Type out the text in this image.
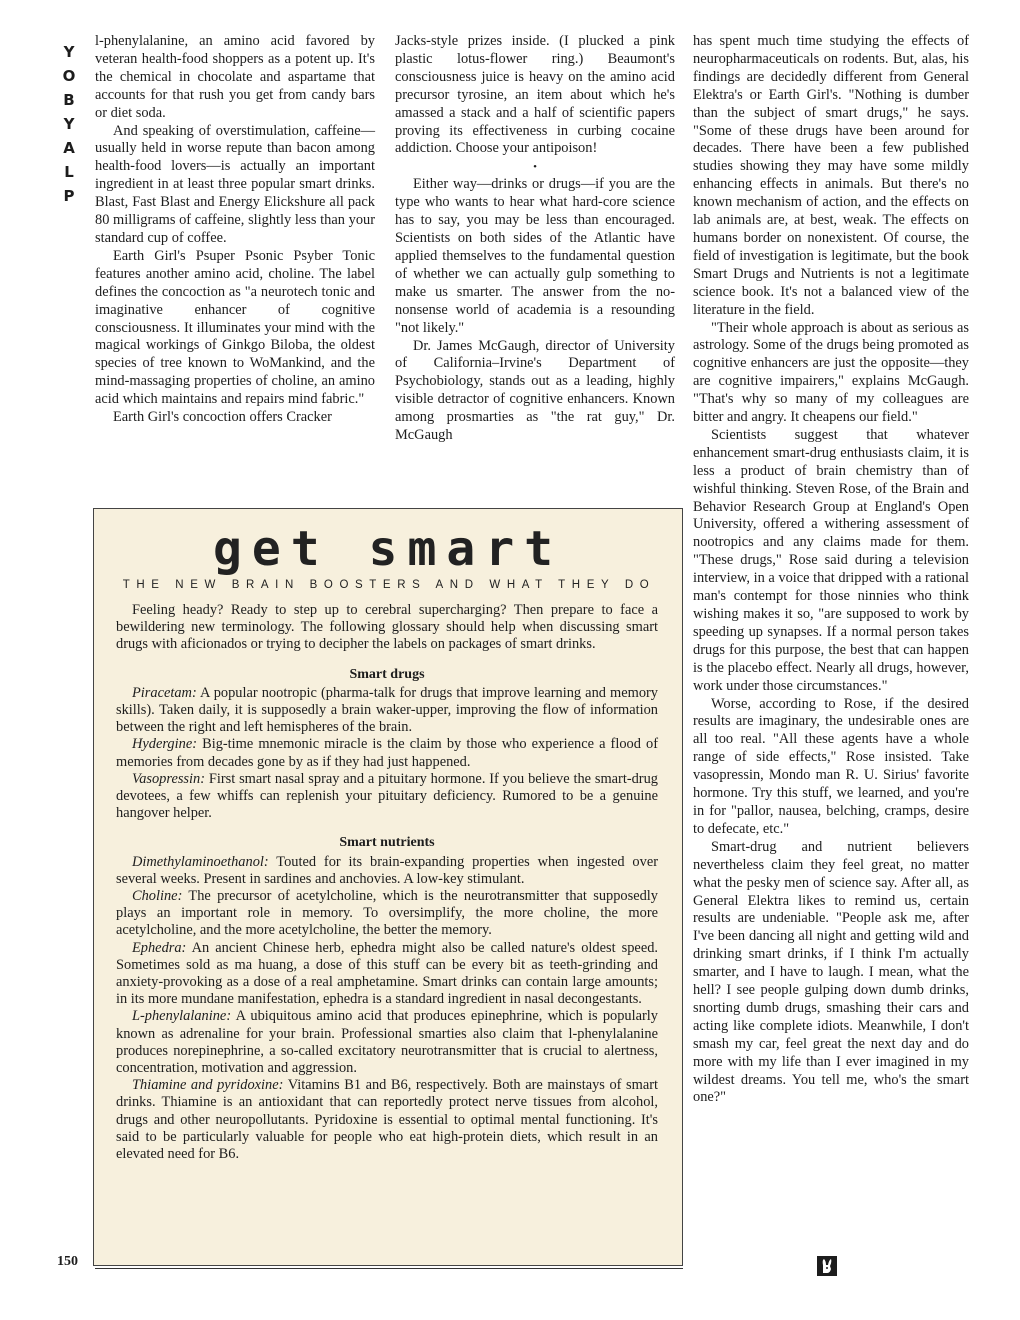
Y
O
B
Y
A
L
P

l-phenylalanine, an amino acid favored by veteran health-food shoppers as a potent up. It's the chemical in chocolate and aspartame that accounts for that rush you get from candy bars or diet soda.

And speaking of overstimulation, caffeine—usually held in worse repute than bacon among health-food lovers—is actually an important ingredient in at least three popular smart drinks. Blast, Fast Blast and Energy Elickshure all pack 80 milligrams of caffeine, slightly less than your standard cup of coffee.

Earth Girl's Psuper Psonic Psyber Tonic features another amino acid, choline. The label defines the concoction as "a neurotech tonic and imaginative enhancer of cognitive consciousness. It illuminates your mind with the magical workings of Ginkgo Biloba, the oldest species of tree known to WoMankind, and the mind-massaging properties of choline, an amino acid which maintains and repairs mind fabric."

Earth Girl's concoction offers Cracker

Jacks-style prizes inside. (I plucked a pink plastic lotus-flower ring.) Beaumont's consciousness juice is heavy on the amino acid precursor tyrosine, an item about which he's amassed a stack and a half of scientific papers proving its effectiveness in curbing cocaine addiction. Choose your antipoison!

•

Either way—drinks or drugs—if you are the type who wants to hear what hard-core science has to say, you may be less than encouraged. Scientists on both sides of the Atlantic have applied themselves to the fundamental question of whether we can actually gulp something to make us smarter. The answer from the no-nonsense world of academia is a resounding "not likely."

Dr. James McGaugh, director of University of California–Irvine's Department of Psychobiology, stands out as a leading, highly visible detractor of cognitive enhancers. Known among prosmarties as "the rat guy," Dr. McGaugh

has spent much time studying the effects of neuropharmaceuticals on rodents. But, alas, his findings are decidedly different from General Elektra's or Earth Girl's. "Nothing is dumber than the subject of smart drugs," he says. "Some of these drugs have been around for decades. There have been a few published studies showing they may have some mildly enhancing effects in animals. But there's no known mechanism of action, and the effects on lab animals are, at best, weak. The effects on humans border on nonexistent. Of course, the field of investigation is legitimate, but the book Smart Drugs and Nutrients is not a legitimate science book. It's not a balanced view of the literature in the field.

"Their whole approach is about as serious as astrology. Some of the drugs being promoted as cognitive enhancers are just the opposite—they are cognitive impairers," explains McGaugh. "That's why so many of my colleagues are bitter and angry. It cheapens our field."

Scientists suggest that whatever enhancement smart-drug enthusiasts claim, it is less a product of brain chemistry than of wishful thinking. Steven Rose, of the Brain and Behavior Research Group at England's Open University, offered a withering assessment of nootropics and any claims made for them. "These drugs," Rose said during a television interview, in a voice that dripped with a rational man's contempt for those ninnies who think wishing makes it so, "are supposed to work by speeding up synapses. If a normal person takes drugs for this purpose, the best that can happen is the placebo effect. Nearly all drugs, however, work under those circumstances."

Worse, according to Rose, if the desired results are imaginary, the undesirable ones are all too real. "All these agents have a whole range of side effects," Rose insisted. Take vasopressin, Mondo man R. U. Sirius' favorite hormone. Try this stuff, we learned, and you're in for "pallor, nausea, belching, cramps, desire to defecate, etc."

Smart-drug and nutrient believers nevertheless claim they feel great, no matter what the pesky men of science say. After all, as General Elektra likes to remind us, certain results are undeniable. "People ask me, after I've been dancing all night and getting wild and drinking smart drinks, if I think I'm actually smarter, and I have to laugh. I mean, what the hell? I see people gulping down dumb drinks, snorting dumb drugs, smashing their cars and acting like complete idiots. Meanwhile, I don't smash my car, feel great the next day and do more with my life than I ever imagined in my wildest dreams. You tell me, who's the smart one?"

get smart
THE NEW BRAIN BOOSTERS AND WHAT THEY DO

Feeling heady? Ready to step up to cerebral supercharging? Then prepare to face a bewildering new terminology. The following glossary should help when discussing smart drugs with aficionados or trying to decipher the labels on packages of smart drinks.

Smart drugs

Piracetam: A popular nootropic (pharma-talk for drugs that improve learning and memory skills). Taken daily, it is supposedly a brain waker-upper, improving the flow of information between the right and left hemispheres of the brain.

Hydergine: Big-time mnemonic miracle is the claim by those who experience a flood of memories from decades gone by as if they had just happened.

Vasopressin: First smart nasal spray and a pituitary hormone. If you believe the smart-drug devotees, a few whiffs can replenish your pituitary deficiency. Rumored to be a genuine hangover helper.

Smart nutrients

Dimethylaminoethanol: Touted for its brain-expanding properties when ingested over several weeks. Present in sardines and anchovies. A low-key stimulant.

Choline: The precursor of acetylcholine, which is the neurotransmitter that supposedly plays an important role in memory. To oversimplify, the more choline, the more acetylcholine, and the more acetylcholine, the better the memory.

Ephedra: An ancient Chinese herb, ephedra might also be called nature's oldest speed. Sometimes sold as ma huang, a dose of this stuff can be every bit as teeth-grinding and anxiety-provoking as a dose of a real amphetamine. Smart drinks can contain large amounts; in its more mundane manifestation, ephedra is a standard ingredient in nasal decongestants.

L-phenylalanine: A ubiquitous amino acid that produces epinephrine, which is popularly known as adrenaline for your brain. Professional smarties also claim that l-phenylalanine produces norepinephrine, a so-called excitatory neurotransmitter that is crucial to alertness, concentration, motivation and aggression.

Thiamine and pyridoxine: Vitamins B1 and B6, respectively. Both are mainstays of smart drinks. Thiamine is an antioxidant that can reportedly protect nerve tissues from alcohol, drugs and other neuropollutants. Pyridoxine is essential to optimal mental functioning. It's said to be particularly valuable for people who eat high-protein diets, which result in an elevated need for B6.

150
